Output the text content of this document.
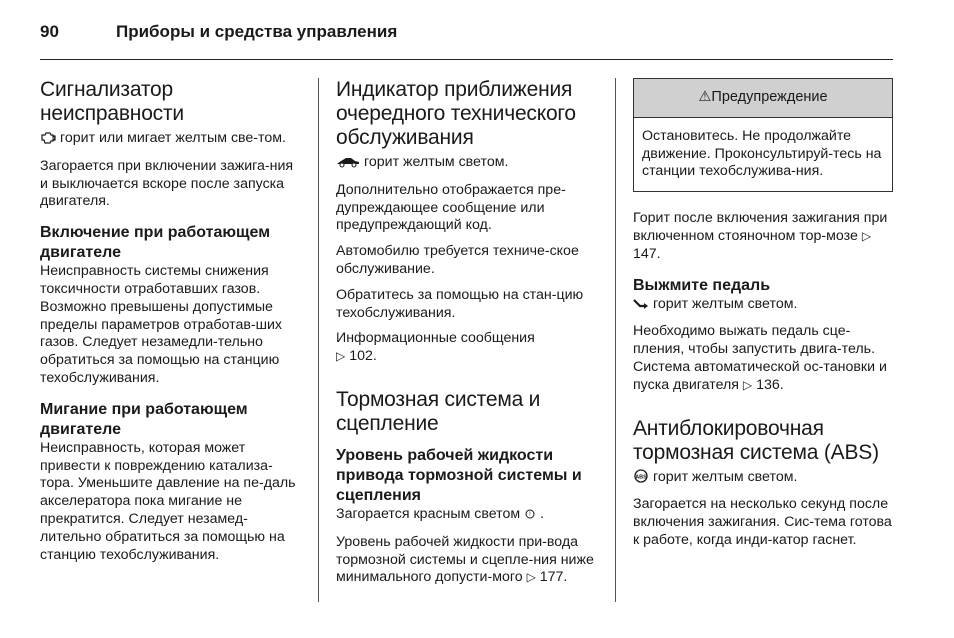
90	Приборы и средства управления
Сигнализатор неисправности

горит или мигает желтым све-том.

Загорается при включении зажига-ния и выключается вскоре после запуска двигателя.

Включение при работающем двигателе

Неисправность системы снижения токсичности отработавших газов. Возможно превышены допустимые пределы параметров отработав-ших газов. Следует незамедли-тельно обратиться за помощью на станцию техобслуживания.

Мигание при работающем двигателе

Неисправность, которая может привести к повреждению катализа-тора. Уменьшите давление на пе-даль акселератора пока мигание не прекратится. Следует незамед-лительно обратиться за помощью на станцию техобслуживания.

Индикатор приближения очередного технического обслуживания

горит желтым светом.

Дополнительно отображается пре-дупреждающее сообщение или предупреждающий код.

Автомобилю требуется техниче-ское обслуживание.

Обратитесь за помощью на стан-цию техобслуживания.

Информационные сообщения
▷ 102.

Тормозная система и сцепление
Уровень рабочей жидкости привода тормозной системы и сцепления

Загорается красным светом ! .

Уровень рабочей жидкости при-вода тормозной системы и сцепле-ния ниже минимального допусти-мого ▷ 177.

⚠Предупреждение
Остановитесь. Не продолжайте движение. Проконсультируй-тесь на станции техобслужива-ния.

Горит после включения зажигания при включенном стояночном тор-мозе ▷ 147.

Выжмите педаль

горит желтым светом.

Необходимо выжать педаль сце-пления, чтобы запустить двига-тель. Система автоматической ос-тановки и пуска двигателя ▷ 136.

Антиблокировочная тормозная система (ABS)

ABS горит желтым светом.

Загорается на несколько секунд после включения зажигания. Сис-тема готова к работе, когда инди-катор гаснет.
